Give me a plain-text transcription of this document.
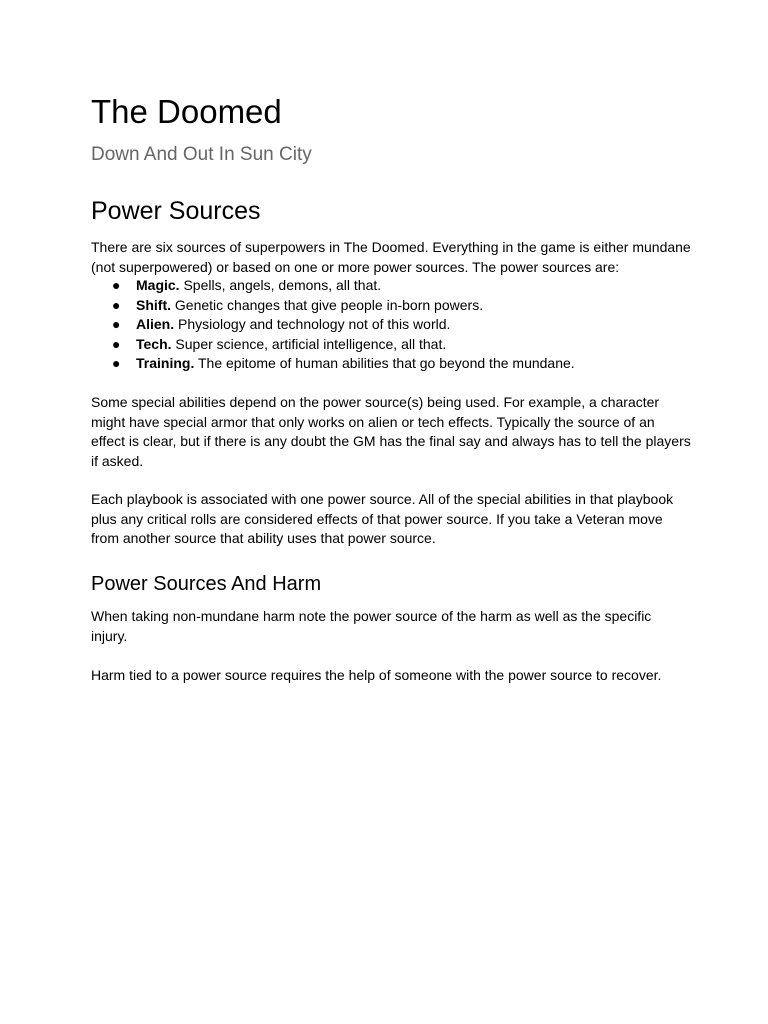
The Doomed
Down And Out In Sun City
Power Sources

There are six sources of superpowers in The Doomed. Everything in the game is either mundane (not superpowered) or based on one or more power sources. The power sources are:

● Magic. Spells, angels, demons, all that.
● Shift. Genetic changes that give people in-born powers.
● Alien. Physiology and technology not of this world.
● Tech. Super science, artificial intelligence, all that.
● Training. The epitome of human abilities that go beyond the mundane.

Some special abilities depend on the power source(s) being used. For example, a character might have special armor that only works on alien or tech effects. Typically the source of an effect is clear, but if there is any doubt the GM has the final say and always has to tell the players if asked.

Each playbook is associated with one power source. All of the special abilities in that playbook plus any critical rolls are considered effects of that power source. If you take a Veteran move from another source that ability uses that power source.

Power Sources And Harm

When taking non-mundane harm note the power source of the harm as well as the specific injury.

Harm tied to a power source requires the help of someone with the power source to recover.
